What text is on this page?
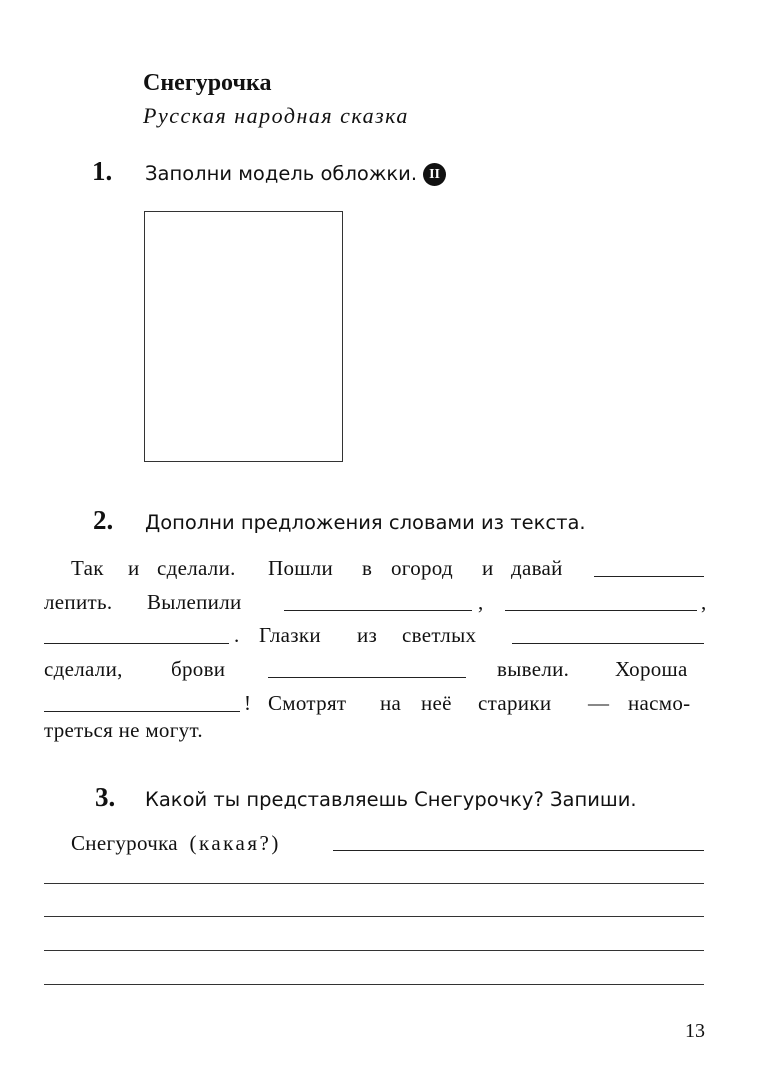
Снегурочка
Русская народная сказка
1. Заполни модель обложки. II
2. Дополни предложения словами из текста.
Так и сделали. Пошли в огород и давай
лепить. Вылепили	,	,
. Глазки из светлых
сделали, брови	вывели. Хороша
! Смотрят на неё старики — насмо-
треться не могут.
3. Какой ты представляешь Снегурочку? Запиши.
Снегурочка (какая?)
13
